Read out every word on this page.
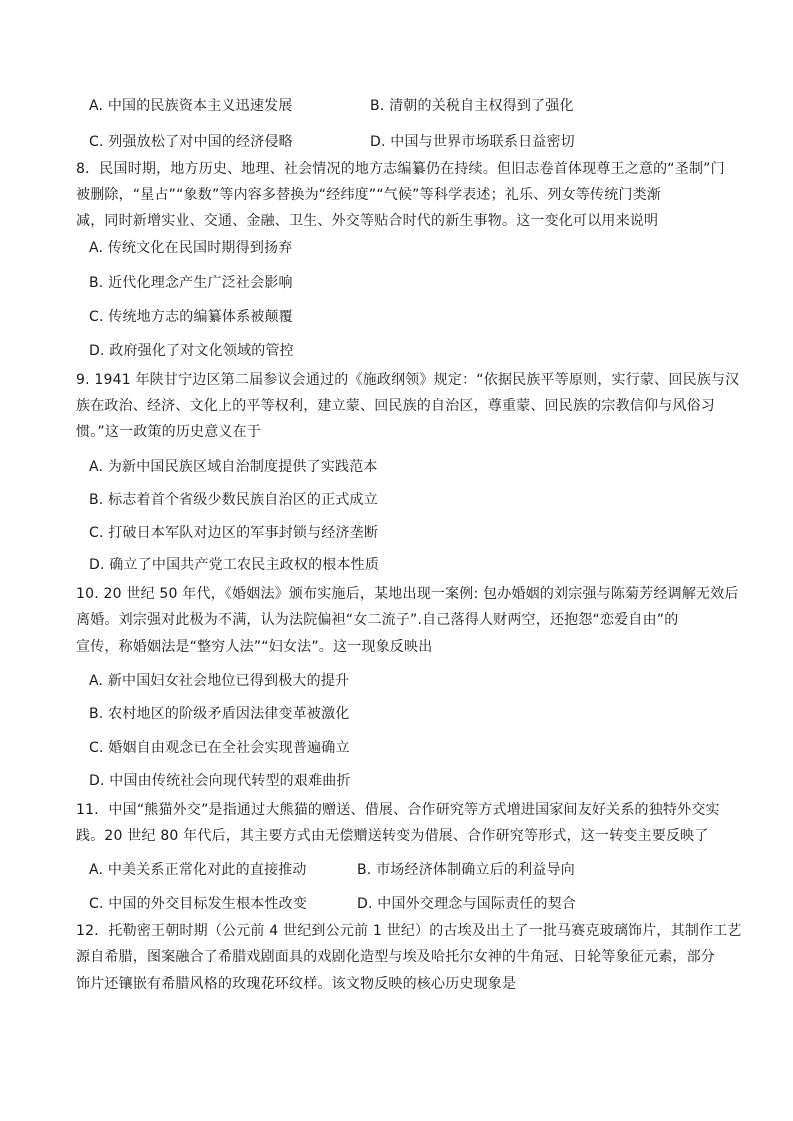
A. 中国的民族资本主义迅速发展	B. 清朝的关税自主权得到了强化
C. 列强放松了对中国的经济侵略	D. 中国与世界市场联系日益密切
8．民国时期，地方历史、地理、社会情况的地方志编纂仍在持续。但旧志卷首体现尊王之意的“圣制”门
被删除，“星占”“象数”等内容多替换为“经纬度”“气候”等科学表述；礼乐、列女等传统门类渐
减，同时新增实业、交通、金融、卫生、外交等贴合时代的新生事物。这一变化可以用来说明
A. 传统文化在民国时期得到扬弃
B. 近代化理念产生广泛社会影响
C. 传统地方志的编纂体系被颠覆
D. 政府强化了对文化领域的管控
9. 1941 年陕甘宁边区第二届参议会通过的《施政纲领》规定：“依据民族平等原则，实行蒙、回民族与汉
族在政治、经济、文化上的平等权利，建立蒙、回民族的自治区，尊重蒙、回民族的宗教信仰与风俗习
惯。”这一政策的历史意义在于
A. 为新中国民族区域自治制度提供了实践范本
B. 标志着首个省级少数民族自治区的正式成立
C. 打破日本军队对边区的军事封锁与经济垄断
D. 确立了中国共产党工农民主政权的根本性质
10. 20 世纪 50 年代，《婚姻法》颁布实施后，某地出现一案例: 包办婚姻的刘宗强与陈菊芳经调解无效后
离婚。刘宗强对此极为不满，认为法院偏袒“女二流子”.自己落得人财两空，还抱怨“恋爱自由”的
宣传，称婚姻法是“整穷人法”“妇女法”。这一现象反映出
A. 新中国妇女社会地位已得到极大的提升
B. 农村地区的阶级矛盾因法律变革被激化
C. 婚姻自由观念已在全社会实现普遍确立
D. 中国由传统社会向现代转型的艰难曲折
11．中国“熊猫外交”是指通过大熊猫的赠送、借展、合作研究等方式增进国家间友好关系的独特外交实
践。20 世纪 80 年代后，其主要方式由无偿赠送转变为借展、合作研究等形式，这一转变主要反映了
A. 中美关系正常化对此的直接推动	B. 市场经济体制确立后的利益导向
C. 中国的外交目标发生根本性改变	D. 中国外交理念与国际责任的契合
12．托勒密王朝时期（公元前 4 世纪到公元前 1 世纪）的古埃及出土了一批马赛克玻璃饰片，其制作工艺
源自希腊，图案融合了希腊戏剧面具的戏剧化造型与埃及哈托尔女神的牛角冠、日轮等象征元素，部分
饰片还镶嵌有希腊风格的玫瑰花环纹样。该文物反映的核心历史现象是
